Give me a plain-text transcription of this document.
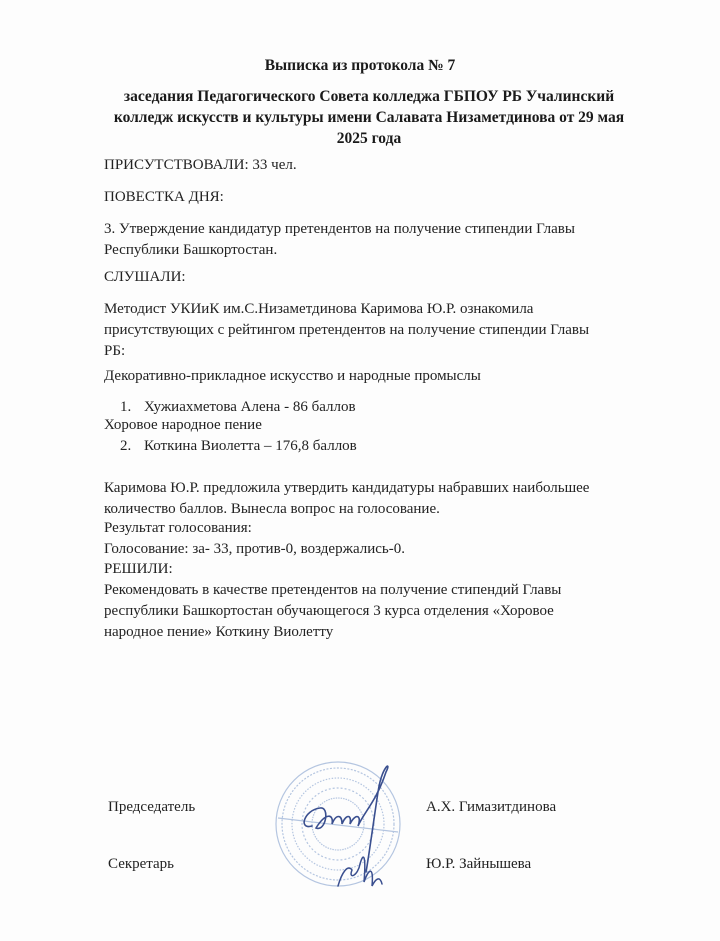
Выписка из протокола № 7
заседания Педагогического Совета колледжа ГБПОУ РБ Учалинский
колледж искусств и культуры имени Салавата Низаметдинова от 29 мая
2025 года
ПРИСУТСТВОВАЛИ: 33 чел.
ПОВЕСТКА ДНЯ:
3. Утверждение кандидатур претендентов на получение стипендии Главы
Республики Башкортостан.
СЛУШАЛИ:
Методист УКИиК им.С.Низаметдинова Каримова Ю.Р. ознакомила
присутствующих с рейтингом претендентов на получение стипендии Главы
РБ:
Декоративно-прикладное искусство и народные промыслы
1. Хужиахметова Алена - 86 баллов
Хоровое народное пение
2. Коткина Виолетта – 176,8 баллов
Каримова Ю.Р. предложила утвердить кандидатуры набравших наибольшее
количество баллов. Вынесла вопрос на голосование.
Результат голосования:
Голосование: за- 33, против-0, воздержались-0.
РЕШИЛИ:
Рекомендовать в качестве претендентов на получение стипендий Главы
республики Башкортостан обучающегося 3 курса отделения «Хоровое
народное пение» Коткину Виолетту
Председатель	А.Х. Гимазитдинова
Секретарь	Ю.Р. Зайнышева
